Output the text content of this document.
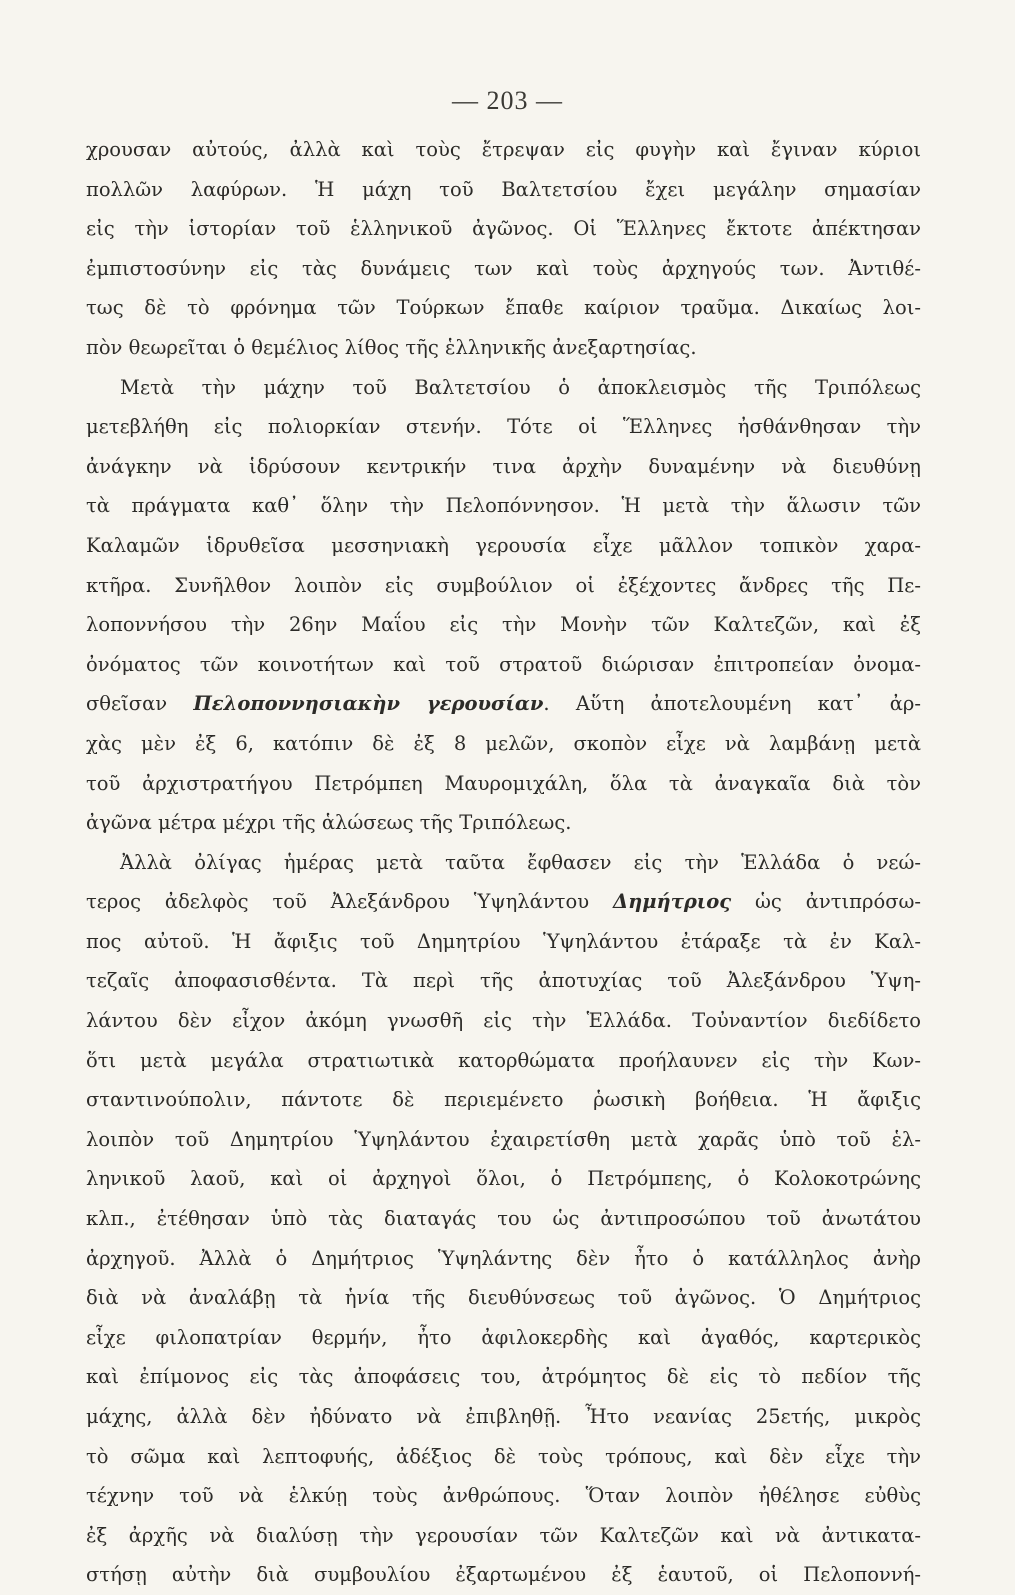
— 203 —
χρουσαν αὐτούς, ἀλλὰ καὶ τοὺς ἔτρεψαν εἰς φυγὴν καὶ ἔγιναν κύριοι
πολλῶν λαφύρων. Ἡ μάχη τοῦ Βαλτετσίου ἔχει μεγάλην σημασίαν
εἰς τὴν ἱστορίαν τοῦ ἑλληνικοῦ ἀγῶνος. Οἱ Ἕλληνες ἔκτοτε ἀπέκτησαν
ἐμπιστοσύνην εἰς τὰς δυνάμεις των καὶ τοὺς ἀρχηγούς των. Ἀντιθέ-
τως δὲ τὸ φρόνημα τῶν Τούρκων ἔπαθε καίριον τραῦμα. Δικαίως λοι-
πὸν θεωρεῖται ὁ θεμέλιος λίθος τῆς ἑλληνικῆς ἀνεξαρτησίας.
Μετὰ τὴν μάχην τοῦ Βαλτετσίου ὁ ἀποκλεισμὸς τῆς Τριπόλεως
μετεβλήθη εἰς πολιορκίαν στενήν. Τότε οἱ Ἕλληνες ἠσθάνθησαν τὴν
ἀνάγκην νὰ ἱδρύσουν κεντρικήν τινα ἀρχὴν δυναμένην νὰ διευθύνῃ
τὰ πράγματα καθ᾽ ὅλην τὴν Πελοπόννησον. Ἡ μετὰ τὴν ἅλωσιν τῶν
Καλαμῶν ἱδρυθεῖσα μεσσηνιακὴ γερουσία εἶχε μᾶλλον τοπικὸν χαρα-
κτῆρα. Συνῆλθον λοιπὸν εἰς συμβούλιον οἱ ἐξέχοντες ἄνδρες τῆς Πε-
λοποννήσου τὴν 26ην Μαΐου εἰς τὴν Μονὴν τῶν Καλτεζῶν, καὶ ἐξ
ὀνόματος τῶν κοινοτήτων καὶ τοῦ στρατοῦ διώρισαν ἐπιτροπείαν ὀνομα-
σθεῖσαν Πελοποννησιακὴν γερουσίαν. Αὕτη ἀποτελουμένη κατ᾽ ἀρ-
χὰς μὲν ἐξ 6, κατόπιν δὲ ἐξ 8 μελῶν, σκοπὸν εἶχε νὰ λαμβάνῃ μετὰ
τοῦ ἀρχιστρατήγου Πετρόμπεη Μαυρομιχάλη, ὅλα τὰ ἀναγκαῖα διὰ τὸν
ἀγῶνα μέτρα μέχρι τῆς ἁλώσεως τῆς Τριπόλεως.
Ἀλλὰ ὀλίγας ἡμέρας μετὰ ταῦτα ἔφθασεν εἰς τὴν Ἑλλάδα ὁ νεώ-
τερος ἀδελφὸς τοῦ Ἀλεξάνδρου Ὑψηλάντου Δημήτριος ὡς ἀντιπρόσω-
πος αὐτοῦ. Ἡ ἄφιξις τοῦ Δημητρίου Ὑψηλάντου ἐτάραξε τὰ ἐν Καλ-
τεζαῖς ἀποφασισθέντα. Τὰ περὶ τῆς ἀποτυχίας τοῦ Ἀλεξάνδρου Ὑψη-
λάντου δὲν εἶχον ἀκόμη γνωσθῆ εἰς τὴν Ἑλλάδα. Τοὐναντίον διεδίδετο
ὅτι μετὰ μεγάλα στρατιωτικὰ κατορθώματα προήλαυνεν εἰς τὴν Κων-
σταντινούπολιν, πάντοτε δὲ περιεμένετο ῥωσικὴ βοήθεια. Ἡ ἄφιξις
λοιπὸν τοῦ Δημητρίου Ὑψηλάντου ἐχαιρετίσθη μετὰ χαρᾶς ὑπὸ τοῦ ἑλ-
ληνικοῦ λαοῦ, καὶ οἱ ἀρχηγοὶ ὅλοι, ὁ Πετρόμπεης, ὁ Κολοκοτρώνης
κλπ., ἐτέθησαν ὑπὸ τὰς διαταγάς του ὡς ἀντιπροσώπου τοῦ ἀνωτάτου
ἀρχηγοῦ. Ἀλλὰ ὁ Δημήτριος Ὑψηλάντης δὲν ἦτο ὁ κατάλληλος ἀνὴρ
διὰ νὰ ἀναλάβῃ τὰ ἡνία τῆς διευθύνσεως τοῦ ἀγῶνος. Ὁ Δημήτριος
εἶχε φιλοπατρίαν θερμήν, ἦτο ἀφιλοκερδὴς καὶ ἀγαθός, καρτερικὸς
καὶ ἐπίμονος εἰς τὰς ἀποφάσεις του, ἀτρόμητος δὲ εἰς τὸ πεδίον τῆς
μάχης, ἀλλὰ δὲν ἠδύνατο νὰ ἐπιβληθῇ. Ἦτο νεανίας 25ετής, μικρὸς
τὸ σῶμα καὶ λεπτοφυής, ἀδέξιος δὲ τοὺς τρόπους, καὶ δὲν εἶχε τὴν
τέχνην τοῦ νὰ ἑλκύῃ τοὺς ἀνθρώπους. Ὅταν λοιπὸν ἠθέλησε εὐθὺς
ἐξ ἀρχῆς νὰ διαλύσῃ τὴν γερουσίαν τῶν Καλτεζῶν καὶ νὰ ἀντικατα-
στήσῃ αὐτὴν διὰ συμβουλίου ἐξαρτωμένου ἐξ ἑαυτοῦ, οἱ Πελοποννή-
